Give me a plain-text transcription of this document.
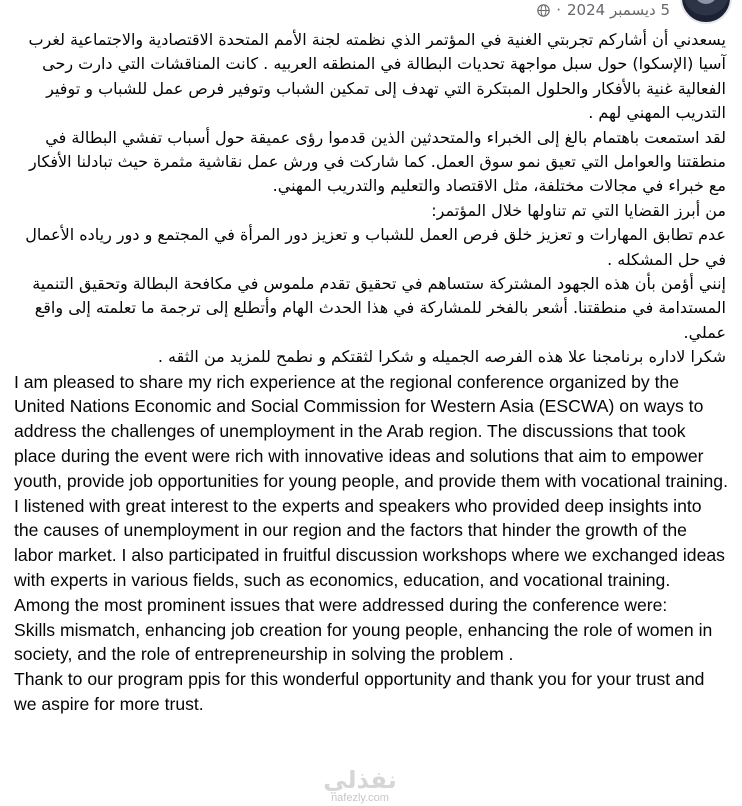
5 ديسمبر 2024
·

يسعدني أن أشاركم تجربتي الغنية في المؤتمر الذي نظمته لجنة الأمم المتحدة الاقتصادية والاجتماعية لغرب آسيا (الإسكوا) حول سبل مواجهة تحديات البطالة في المنطقه العربيه . كانت المناقشات التي دارت رحى الفعالية غنية بالأفكار والحلول المبتكرة التي تهدف إلى تمكين الشباب وتوفير فرص عمل للشباب و توفير التدريب المهني لهم .

لقد استمعت باهتمام بالغ إلى الخبراء والمتحدثين الذين قدموا رؤى عميقة حول أسباب تفشي البطالة في منطقتنا والعوامل التي تعيق نمو سوق العمل. كما شاركت في ورش عمل نقاشية مثمرة حيث تبادلنا الأفكار مع خبراء في مجالات مختلفة، مثل الاقتصاد والتعليم والتدريب المهني.

من أبرز القضايا التي تم تناولها خلال المؤتمر:

عدم تطابق المهارات و تعزيز خلق فرص العمل للشباب و تعزيز دور المرأة في المجتمع و دور رياده الأعمال في حل المشكله .

إنني أؤمن بأن هذه الجهود المشتركة ستساهم في تحقيق تقدم ملموس في مكافحة البطالة وتحقيق التنمية المستدامة في منطقتنا. أشعر بالفخر للمشاركة في هذا الحدث الهام وأتطلع إلى ترجمة ما تعلمته إلى واقع عملي.

شكرا لاداره برنامجنا علا هذه الفرصه الجميله و شكرا لثقتكم و نطمح للمزيد من الثقه .

I am pleased to share my rich experience at the regional conference organized by the United Nations Economic and Social Commission for Western Asia (ESCWA) on ways to address the challenges of unemployment in the Arab region. The discussions that took place during the event were rich with innovative ideas and solutions that aim to empower youth, provide job opportunities for young people, and provide them with vocational training.

I listened with great interest to the experts and speakers who provided deep insights into the causes of unemployment in our region and the factors that hinder the growth of the labor market. I also participated in fruitful discussion workshops where we exchanged ideas with experts in various fields, such as economics, education, and vocational training.

Among the most prominent issues that were addressed during the conference were:

Skills mismatch, enhancing job creation for young people, enhancing the role of women in society, and the role of entrepreneurship in solving the problem .

Thank to our program ppis for this wonderful opportunity and thank you for your trust and we aspire for more trust.

نفذلي
nafezly.com
